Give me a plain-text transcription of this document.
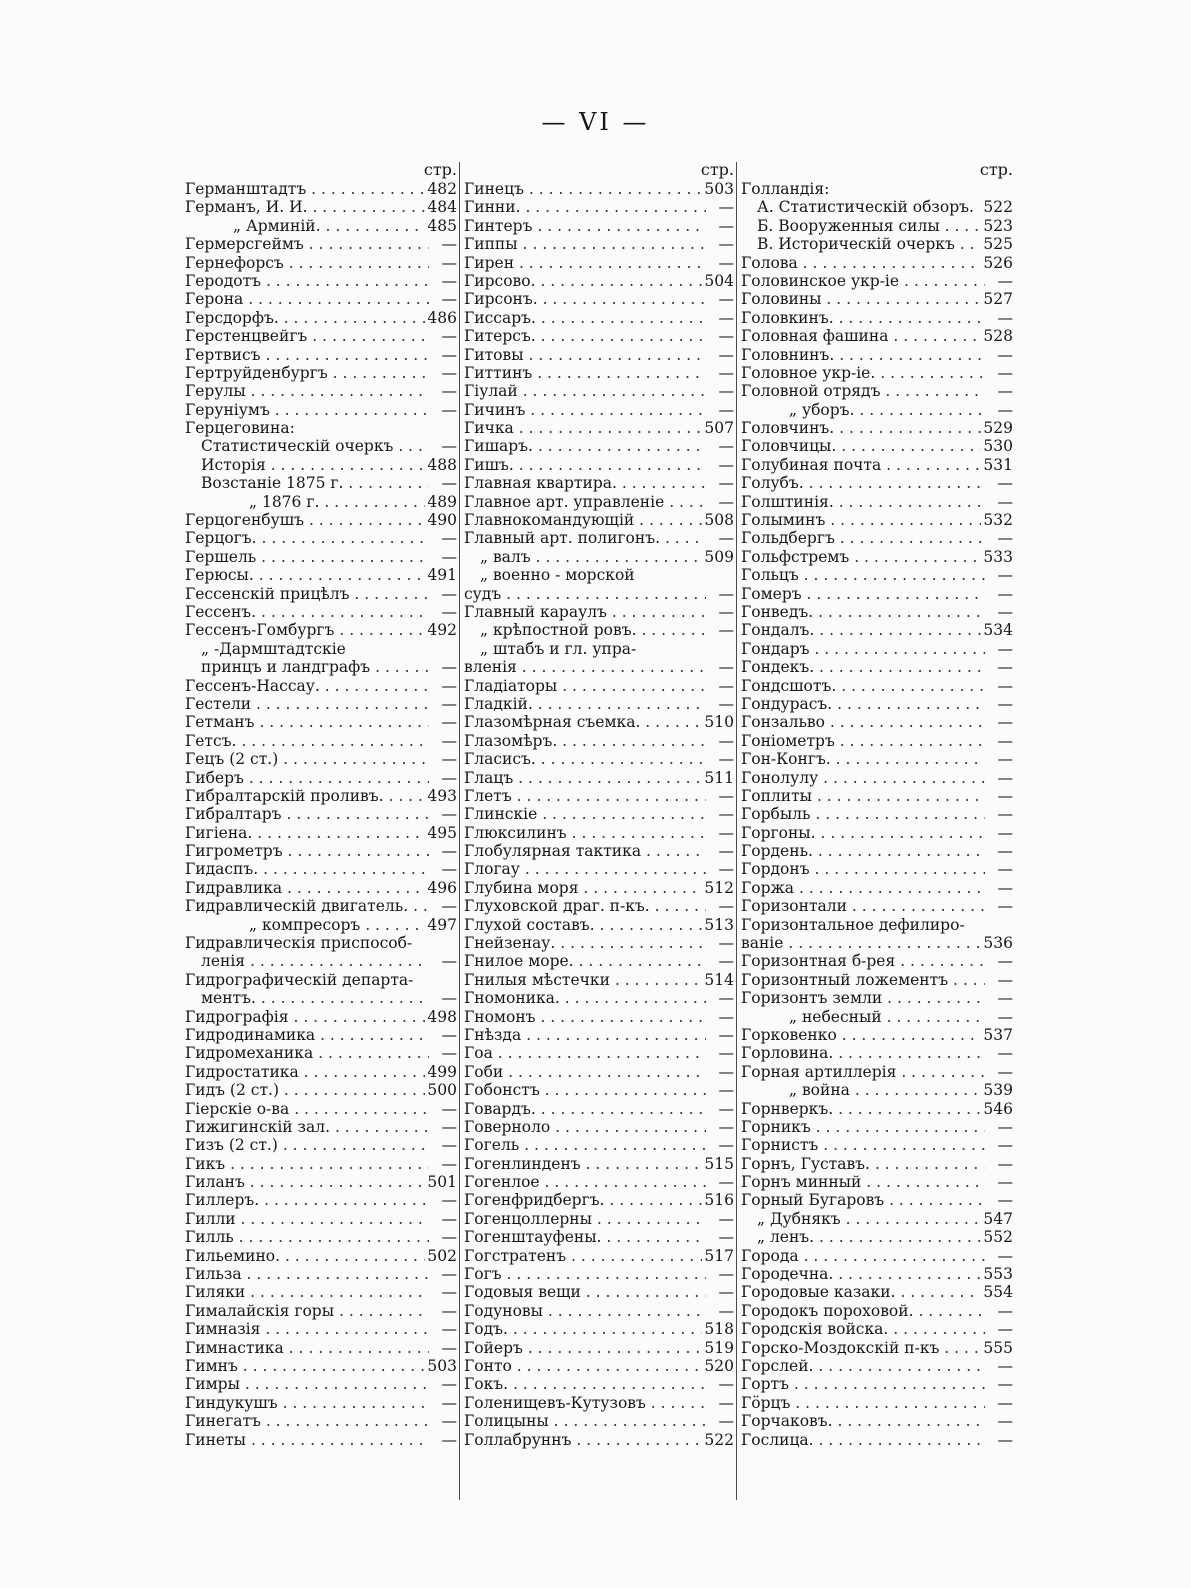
— VI —
стр.
Германштадтъ . . .	482
Германъ, И. И. . . .	484
„ Арминій. . . .	485
Гермерсгеймъ . . .	—
Гернефорсъ . . .	—
Геродотъ . . .	—
Герона . . .	—
Герсдорфъ. . . .	486
Герстенцвейгъ . . .	—
Гертвисъ . . .	—
Гертруйденбургъ . . .	—
Герулы . . .	—
Геруніумъ . . .	—
Герцеговина:
Статистическій очеркъ . . .	—
Исторія . . .	488
Возстаніе 1875 г. . . .	—
„ 1876 г. . . .	489
Герцогенбушъ . . .	490
Герцогъ. . . .	—
Гершель . . .	—
Герюсы. . . .	491
Гессенскій прицѣлъ . . .	—
Гессенъ. . . .	—
Гессенъ-Гомбургъ . . .	492
„ -Дармштадтскіе
принцъ и ландграфъ . . .	—
Гессенъ-Нассау. . . .	—
Гестели . . .	—
Гетманъ . . .	—
Гетсъ. . . .	—
Гецъ (2 ст.) . . .	—
Гиберъ . . .	—
Гибралтарскій проливъ. . . .	493
Гибралтаръ . . .	—
Гигіена. . . .	495
Гигрометръ . . .	—
Гидаспъ. . . .	—
Гидравлика . . .	496
Гидравлическій двигатель. . . .	—
„ компресоръ . . .	497
Гидравлическія приспособ-
ленія . . .	—
Гидрографическій департа-
ментъ. . . .	—
Гидрографія . . .	498
Гидродинамика . . .	—
Гидромеханика . . .	—
Гидростатика . . .	499
Гидъ (2 ст.) . . .	500
Гіерскіе о-ва . . .	—
Гижигинскій зал. . . .	—
Гизъ (2 ст.) . . .	—
Гикъ . . .	—
Гиланъ . . .	501
Гиллеръ. . . .	—
Гилли . . .	—
Гилль . . .	—
Гильемино. . . .	502
Гильза . . .	—
Гиляки . . .	—
Гималайскія горы . . .	—
Гимназія . . .	—
Гимнастика . . .	—
Гимнъ . . .	503
Гимры . . .	—
Гиндукушъ . . .	—
Гинегатъ . . .	—
Гинеты . . .	—
стр.
Гинецъ . . .	503
Гинни. . . .	—
Гинтеръ . . .	—
Гиппы . . .	—
Гирен . . .	—
Гирсово. . . .	504
Гирсонъ. . . .	—
Гиссаръ. . . .	—
Гитерсъ. . . .	—
Гитовы . . .	—
Гиттинъ . . .	—
Гіулай . . .	—
Гичинъ . . .	—
Гичка . . .	507
Гишаръ. . . .	—
Гишъ. . . .	—
Главная квартира. . . .	—
Главное арт. управленіе . . .	—
Главнокомандующій . . .	508
Главный арт. полигонъ. . . .	—
„ валъ . . .	509
„ военно - морской
судъ . . .	—
Главный караулъ . . .	—
„ крѣпостной ровъ. . . .	—
„ штабъ и гл. упра-
вленія . . .	—
Гладіаторы . . .	—
Гладкій. . . .	—
Глазомѣрная съемка. . . .	510
Глазомѣръ. . . .	—
Гласисъ. . . .	—
Глацъ . . .	511
Глетъ . . .	—
Глинскіе . . .	—
Глюксилинъ . . .	—
Глобулярная тактика . . .	—
Глогау . . .	—
Глубина моря . . .	512
Глуховской драг. п-къ. . . .	—
Глухой составъ. . . .	513
Гнейзенау. . . .	—
Гнилое море. . . .	—
Гнилыя мѣстечки . . .	514
Гномоника. . . .	—
Гномонъ . . .	—
Гнѣзда . . .	—
Гоа . . .	—
Гоби . . .	—
Гобонстъ . . .	—
Говардъ. . . .	—
Говерноло . . .	—
Гогель . . .	—
Гогенлинденъ . . .	515
Гогенлое . . .	—
Гогенфридбергъ. . . .	516
Гогенцоллерны . . .	—
Гогенштауфены. . . .	—
Гогстратенъ . . .	517
Гогъ . . .	—
Годовыя вещи . . .	—
Годуновы . . .	—
Годъ. . . .	518
Гойеръ . . .	519
Гонто . . .	520
Гокъ. . . .	—
Голенищевъ-Кутузовъ . . .	—
Голицыны . . .	—
Голлабруннъ . . .	522
стр.
Голландія:
А. Статистическій обзоръ. 522
Б. Вооруженныя силы . . .	523
В. Историческій очеркъ . . .	525
Голова . . .	526
Головинское укр-іе . . .	—
Головины . . .	527
Головкинъ. . . .	—
Головная фашина . . .	528
Головнинъ. . . .	—
Головное укр-іе. . . .	—
Головной отрядъ . . .	—
„ уборъ. . . .	—
Головчинъ. . . .	529
Головчицы. . . .	530
Голубиная почта . . .	531
Голубъ. . . .	—
Голштинія. . . .	—
Голыминъ . . .	532
Гольдбергъ . . .	—
Гольфстремъ . . .	533
Гольцъ . . .	—
Гомеръ . . .	—
Гонведъ. . . .	—
Гондалъ. . . .	534
Гондаръ . . .	—
Гондекъ. . . .	—
Гондсшотъ. . . .	—
Гондурасъ. . . .	—
Гонзальво . . .	—
Гоніометръ . . .	—
Гон-Конгъ. . . .	—
Гонолулу . . .	—
Гоплиты . . .	—
Горбыль . . .	—
Горгоны. . . .	—
Гордень. . . .	—
Гордонъ . . .	—
Горжа . . .	—
Горизонтали . . .	—
Горизонтальное дефилиро-
ваніе . . .	536
Горизонтная б-рея . . .	—
Горизонтный ложементъ . . .	—
Горизонтъ земли . . .	—
„ небесный . . .	—
Горковенко . . .	537
Горловина. . . .	—
Горная артиллерія . . .	—
„ война . . .	539
Горнверкъ. . . .	546
Горникъ . . .	—
Горнистъ . . .	—
Горнъ, Густавъ. . . .	—
Горнъ минный . . .	—
Горный Бугаровъ . . .	—
„ Дубнякъ . . .	547
„ ленъ. . . .	552
Города . . .	—
Городечна. . . .	553
Городовые казаки. . . .	554
Городокъ пороховой. . . .	—
Городскія войска. . . .	—
Горско-Моздокскій п-къ . . .	555
Горслей. . . .	—
Гортъ . . .	—
Гӧрцъ . . .	—
Горчаковъ. . . .	—
Гослица. . . .	—
